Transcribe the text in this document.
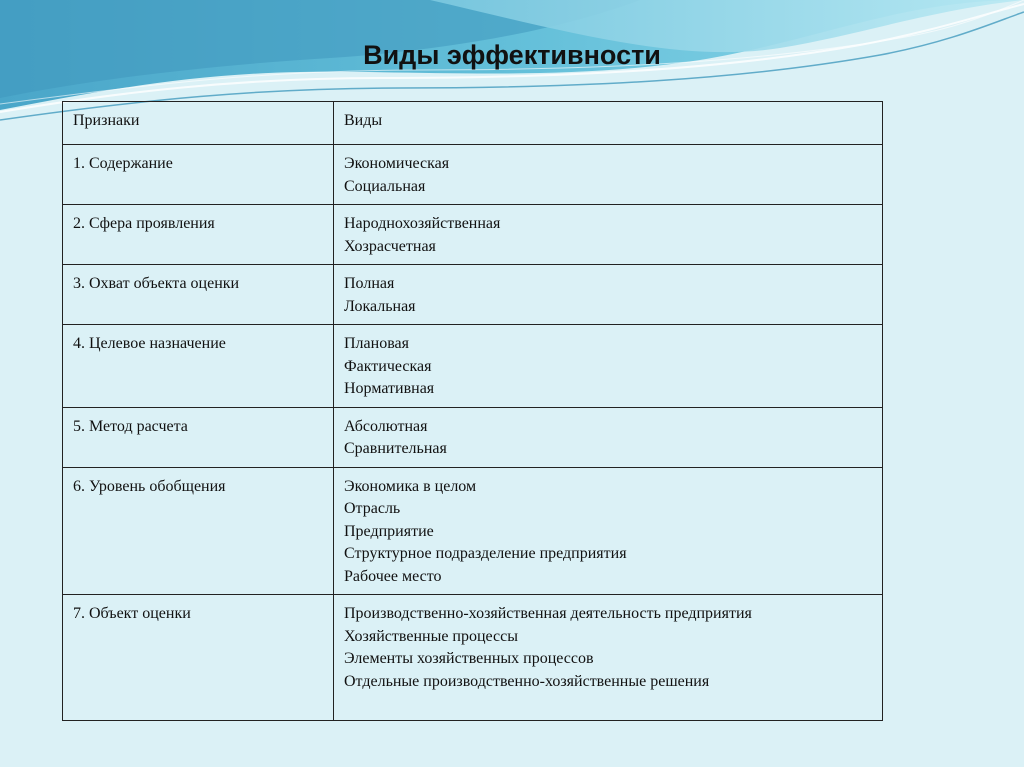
Виды эффективности
Признаки	Виды
1. Содержание	Экономическая
Социальная

2. Сфера проявления	Народнохозяйственная
Хозрасчетная

3. Охват объекта оценки	Полная
Локальная

4. Целевое назначение	Плановая
Фактическая
Нормативная

5. Метод расчета	Абсолютная
Сравнительная

6. Уровень обобщения	Экономика в целом
Отрасль
Предприятие
Структурное подразделение предприятия
Рабочее место

7. Объект оценки	Производственно-хозяйственная деятельность предприятия
Хозяйственные процессы
Элементы хозяйственных процессов
Отдельные производственно-хозяйственные решения
